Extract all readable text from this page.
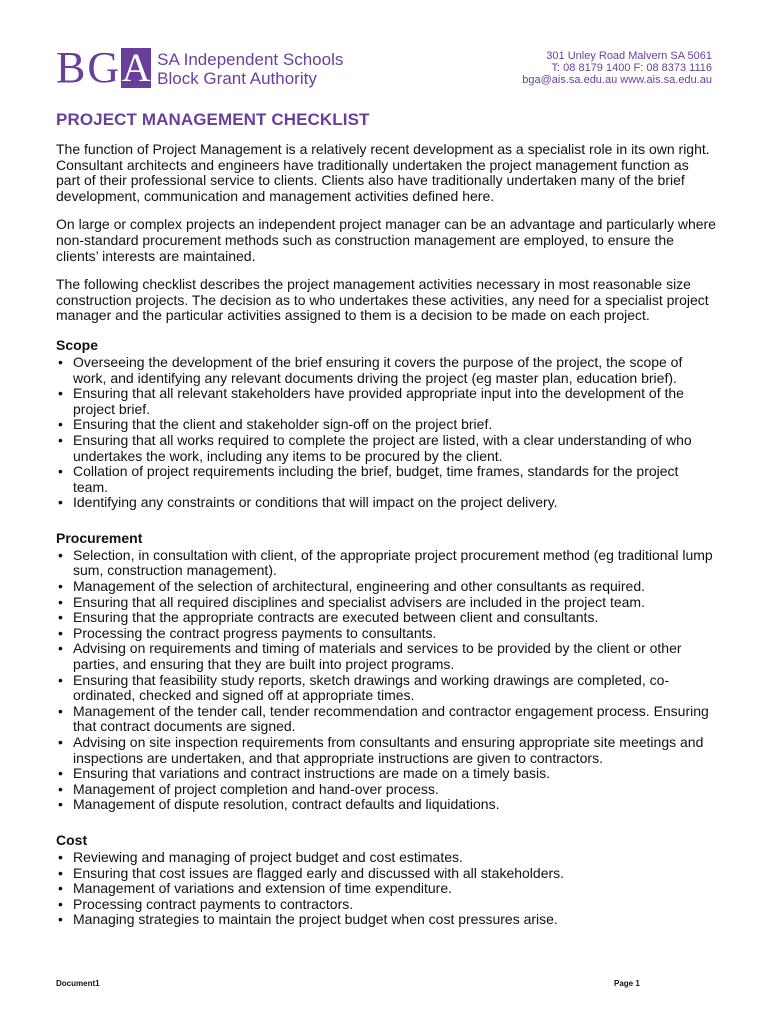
B G A SA Independent Schools
Block Grant Authority
301 Unley Road Malvern SA 5061
T: 08 8179 1400 F: 08 8373 1116
bga@ais.sa.edu.au www.ais.sa.edu.au
PROJECT MANAGEMENT CHECKLIST

The function of Project Management is a relatively recent development as a specialist role in its own right. Consultant architects and engineers have traditionally undertaken the project management function as part of their professional service to clients. Clients also have traditionally undertaken many of the brief development, communication and management activities defined here.

On large or complex projects an independent project manager can be an advantage and particularly where non-standard procurement methods such as construction management are employed, to ensure the clients’ interests are maintained.

The following checklist describes the project management activities necessary in most reasonable size construction projects. The decision as to who undertakes these activities, any need for a specialist project manager and the particular activities assigned to them is a decision to be made on each project.

Scope
• Overseeing the development of the brief ensuring it covers the purpose of the project, the scope of work, and identifying any relevant documents driving the project (eg master plan, education brief).
• Ensuring that all relevant stakeholders have provided appropriate input into the development of the project brief.
• Ensuring that the client and stakeholder sign-off on the project brief.
• Ensuring that all works required to complete the project are listed, with a clear understanding of who undertakes the work, including any items to be procured by the client.
• Collation of project requirements including the brief, budget, time frames, standards for the project team.
• Identifying any constraints or conditions that will impact on the project delivery.
Procurement
• Selection, in consultation with client, of the appropriate project procurement method (eg traditional lump sum, construction management).
• Management of the selection of architectural, engineering and other consultants as required.
• Ensuring that all required disciplines and specialist advisers are included in the project team.
• Ensuring that the appropriate contracts are executed between client and consultants.
• Processing the contract progress payments to consultants.
• Advising on requirements and timing of materials and services to be provided by the client or other parties, and ensuring that they are built into project programs.
• Ensuring that feasibility study reports, sketch drawings and working drawings are completed, co-ordinated, checked and signed off at appropriate times.
• Management of the tender call, tender recommendation and contractor engagement process. Ensuring that contract documents are signed.
• Advising on site inspection requirements from consultants and ensuring appropriate site meetings and inspections are undertaken, and that appropriate instructions are given to contractors.
• Ensuring that variations and contract instructions are made on a timely basis.
• Management of project completion and hand-over process.
• Management of dispute resolution, contract defaults and liquidations.
Cost
• Reviewing and managing of project budget and cost estimates.
• Ensuring that cost issues are flagged early and discussed with all stakeholders.
• Management of variations and extension of time expenditure.
• Processing contract payments to contractors.
• Managing strategies to maintain the project budget when cost pressures arise.
Document1	Page 1
